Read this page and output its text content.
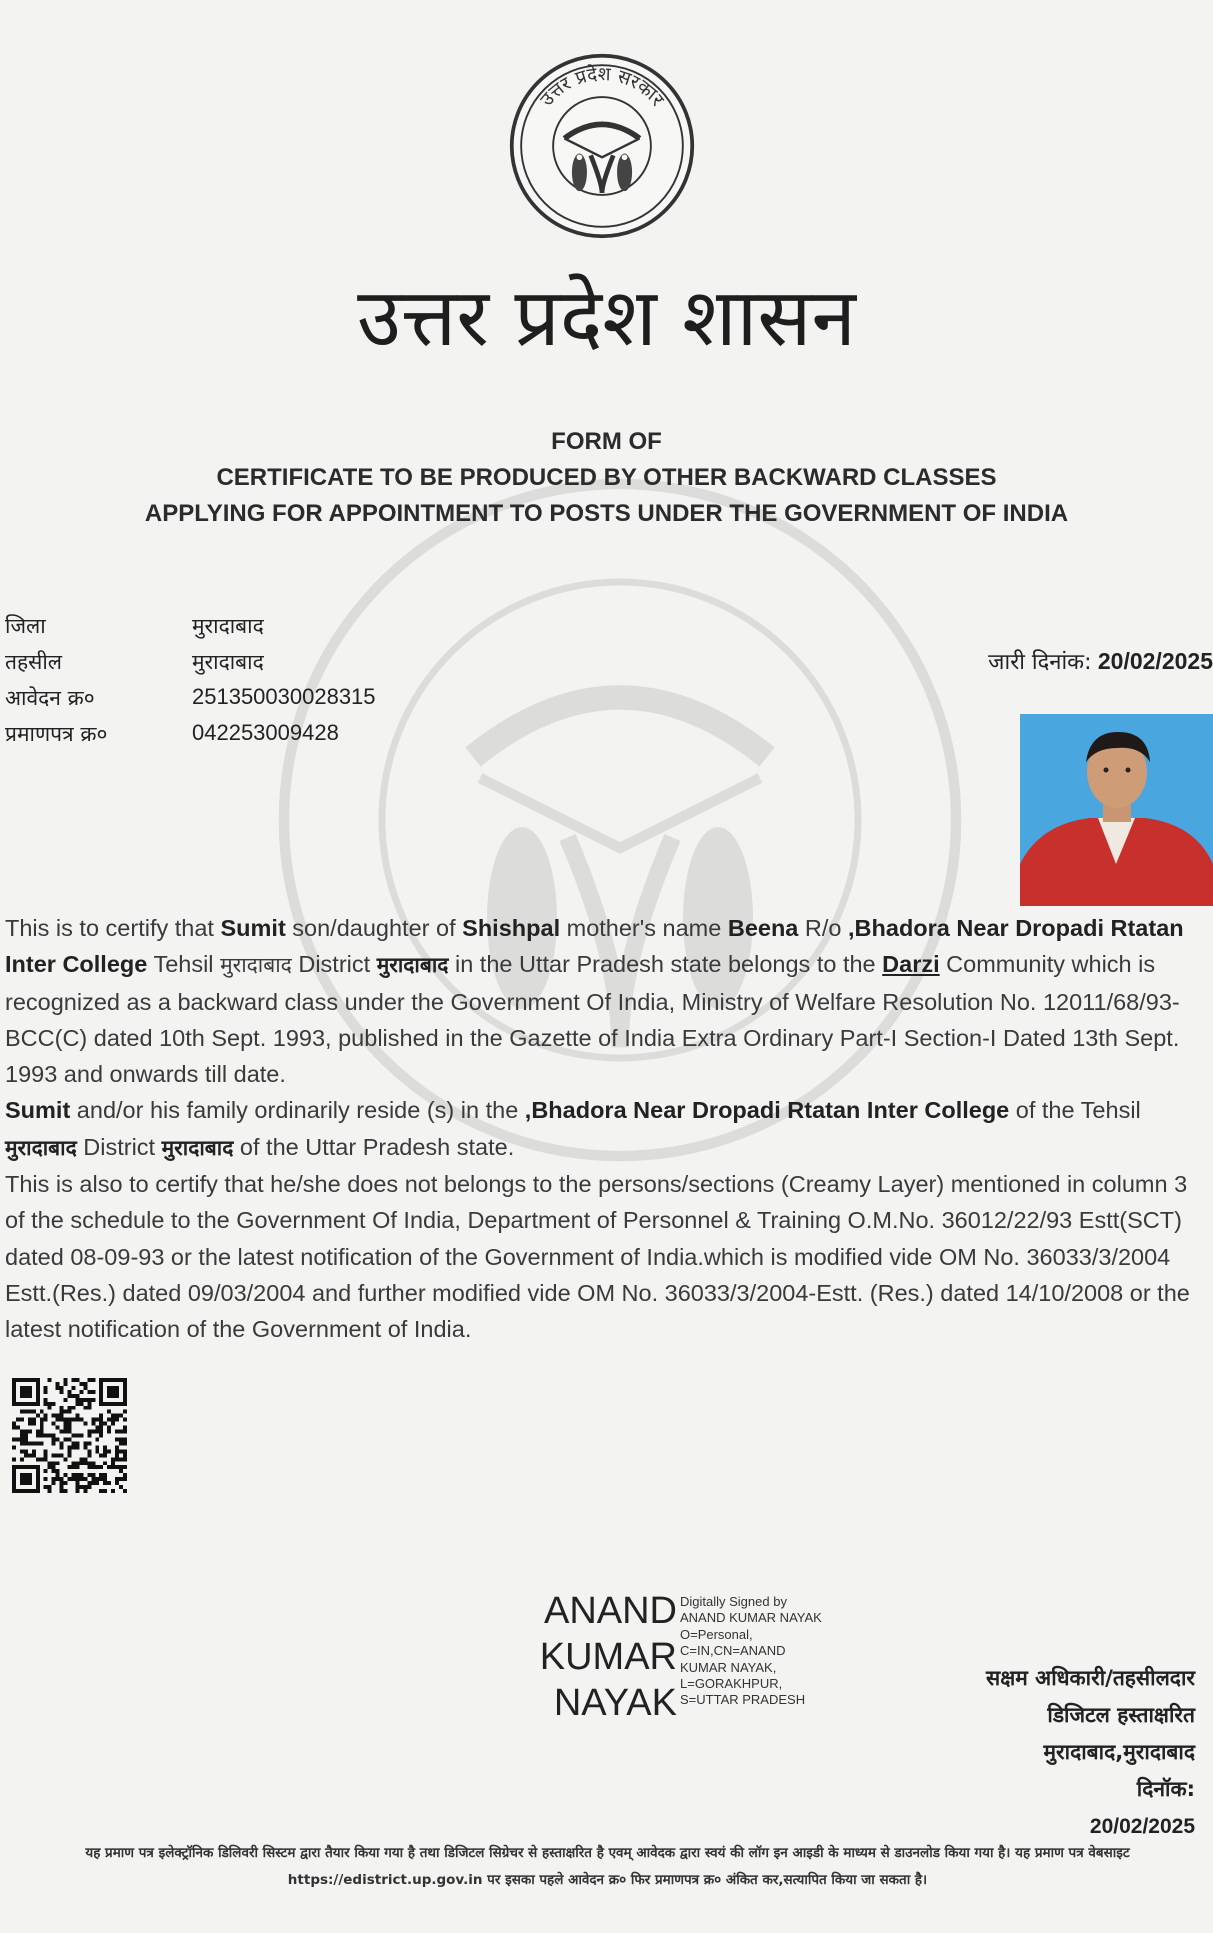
उत्तर प्रदेश सरकार
उत्तर प्रदेश शासन
FORM OF
CERTIFICATE TO BE PRODUCED BY OTHER BACKWARD CLASSES
APPLYING FOR APPOINTMENT TO POSTS UNDER THE GOVERNMENT OF INDIA
जिला	मुरादाबाद
तहसील	मुरादाबाद
आवेदन क्र०	251350030028315
प्रमाणपत्र क्र०	042253009428
जारी दिनांक: 20/02/2025
This is to certify that Sumit son/daughter of Shishpal mother's name Beena R/o ,Bhadora Near Dropadi Rtatan Inter College Tehsil मुरादाबाद District मुरादाबाद in the Uttar Pradesh state belongs to the Darzi Community which is recognized as a backward class under the Government Of India, Ministry of Welfare Resolution No. 12011/68/93-BCC(C) dated 10th Sept. 1993, published in the Gazette of India Extra Ordinary Part-I Section-I Dated 13th Sept. 1993 and onwards till date.
Sumit and/or his family ordinarily reside (s) in the ,Bhadora Near Dropadi Rtatan Inter College of the Tehsil मुरादाबाद District मुरादाबाद of the Uttar Pradesh state.
This is also to certify that he/she does not belongs to the persons/sections (Creamy Layer) mentioned in column 3 of the schedule to the Government Of India, Department of Personnel & Training O.M.No. 36012/22/93 Estt(SCT) dated 08-09-93 or the latest notification of the Government of India.which is modified vide OM No. 36033/3/2004 Estt.(Res.) dated 09/03/2004 and further modified vide OM No. 36033/3/2004-Estt. (Res.) dated 14/10/2008 or the latest notification of the Government of India.
ANAND
KUMAR
NAYAK
Digitally Signed by
ANAND KUMAR NAYAK
O=Personal,
C=IN,CN=ANAND
KUMAR NAYAK,
L=GORAKHPUR,
S=UTTAR PRADESH
सक्षम अधिकारी/तहसीलदार
डिजिटल हस्ताक्षरित
मुरादाबाद,मुरादाबाद
दिनॉक:
20/02/2025
यह प्रमाण पत्र इलेक्ट्रॉनिक डिलिवरी सिस्टम द्वारा तैयार किया गया है तथा डिजिटल सिग्रेचर से हस्ताक्षरित है एवम् आवेदक द्वारा स्वयं की लॉग इन आइडी के माध्यम से डाउनलोड किया गया है। यह प्रमाण पत्र वेबसाइट https://edistrict.up.gov.in पर इसका पहले आवेदन क्र० फिर प्रमाणपत्र क्र० अंकित कर,सत्यापित किया जा सकता है।
